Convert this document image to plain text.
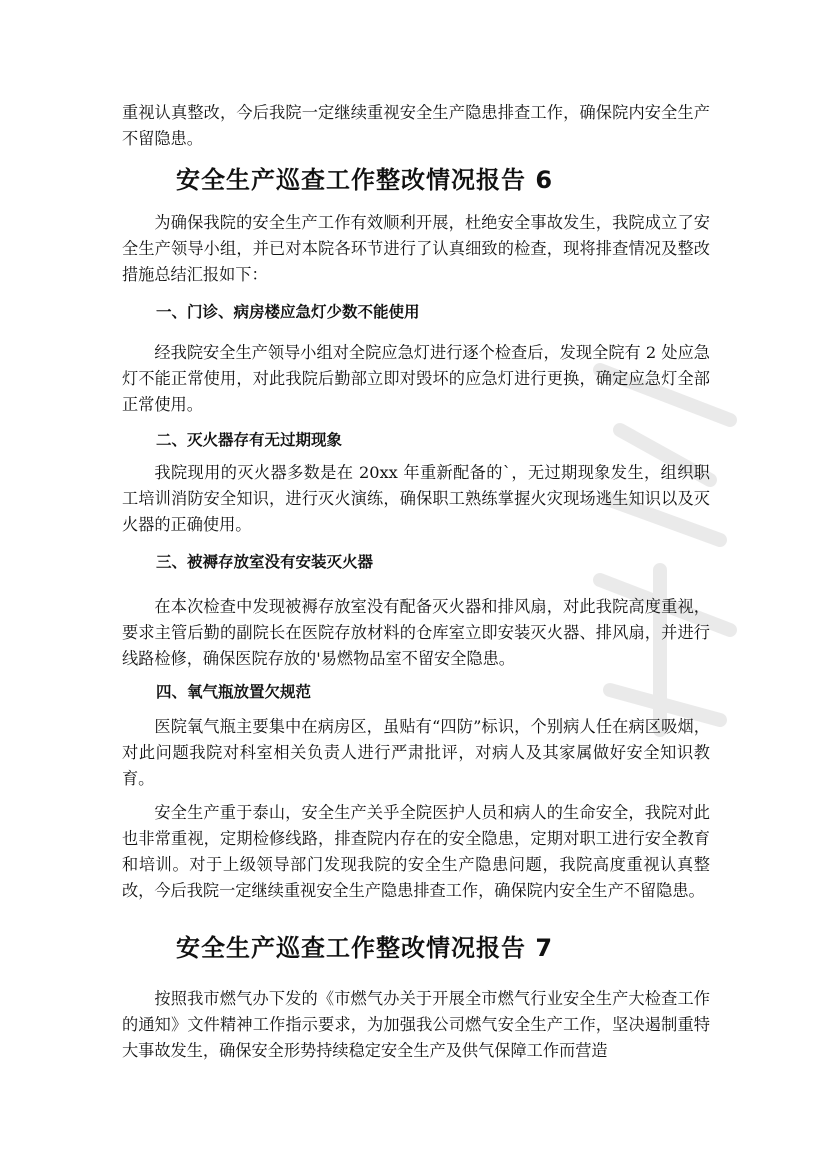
重视认真整改，今后我院一定继续重视安全生产隐患排查工作，确保院内安全生产不留隐患。

安全生产巡查工作整改情况报告 6

为确保我院的安全生产工作有效顺利开展，杜绝安全事故发生，我院成立了安全生产领导小组，并已对本院各环节进行了认真细致的检查，现将排查情况及整改措施总结汇报如下：

一、门诊、病房楼应急灯少数不能使用

经我院安全生产领导小组对全院应急灯进行逐个检查后，发现全院有 2 处应急灯不能正常使用，对此我院后勤部立即对毁坏的应急灯进行更换，确定应急灯全部正常使用。

二、灭火器存有无过期现象

我院现用的灭火器多数是在 20xx 年重新配备的`，无过期现象发生，组织职工培训消防安全知识，进行灭火演练，确保职工熟练掌握火灾现场逃生知识以及灭火器的正确使用。

三、被褥存放室没有安装灭火器

在本次检查中发现被褥存放室没有配备灭火器和排风扇，对此我院高度重视，要求主管后勤的副院长在医院存放材料的仓库室立即安装灭火器、排风扇，并进行线路检修，确保医院存放的'易燃物品室不留安全隐患。

四、氧气瓶放置欠规范

医院氧气瓶主要集中在病房区，虽贴有“四防”标识，个别病人任在病区吸烟，对此问题我院对科室相关负责人进行严肃批评，对病人及其家属做好安全知识教育。

安全生产重于泰山，安全生产关乎全院医护人员和病人的生命安全，我院对此也非常重视，定期检修线路，排查院内存在的安全隐患，定期对职工进行安全教育和培训。对于上级领导部门发现我院的安全生产隐患问题，我院高度重视认真整改，今后我院一定继续重视安全生产隐患排查工作，确保院内安全生产不留隐患。

安全生产巡查工作整改情况报告 7

按照我市燃气办下发的《市燃气办关于开展全市燃气行业安全生产大检查工作的通知》文件精神工作指示要求，为加强我公司燃气安全生产工作，坚决遏制重特大事故发生，确保安全形势持续稳定安全生产及供气保障工作而营造
